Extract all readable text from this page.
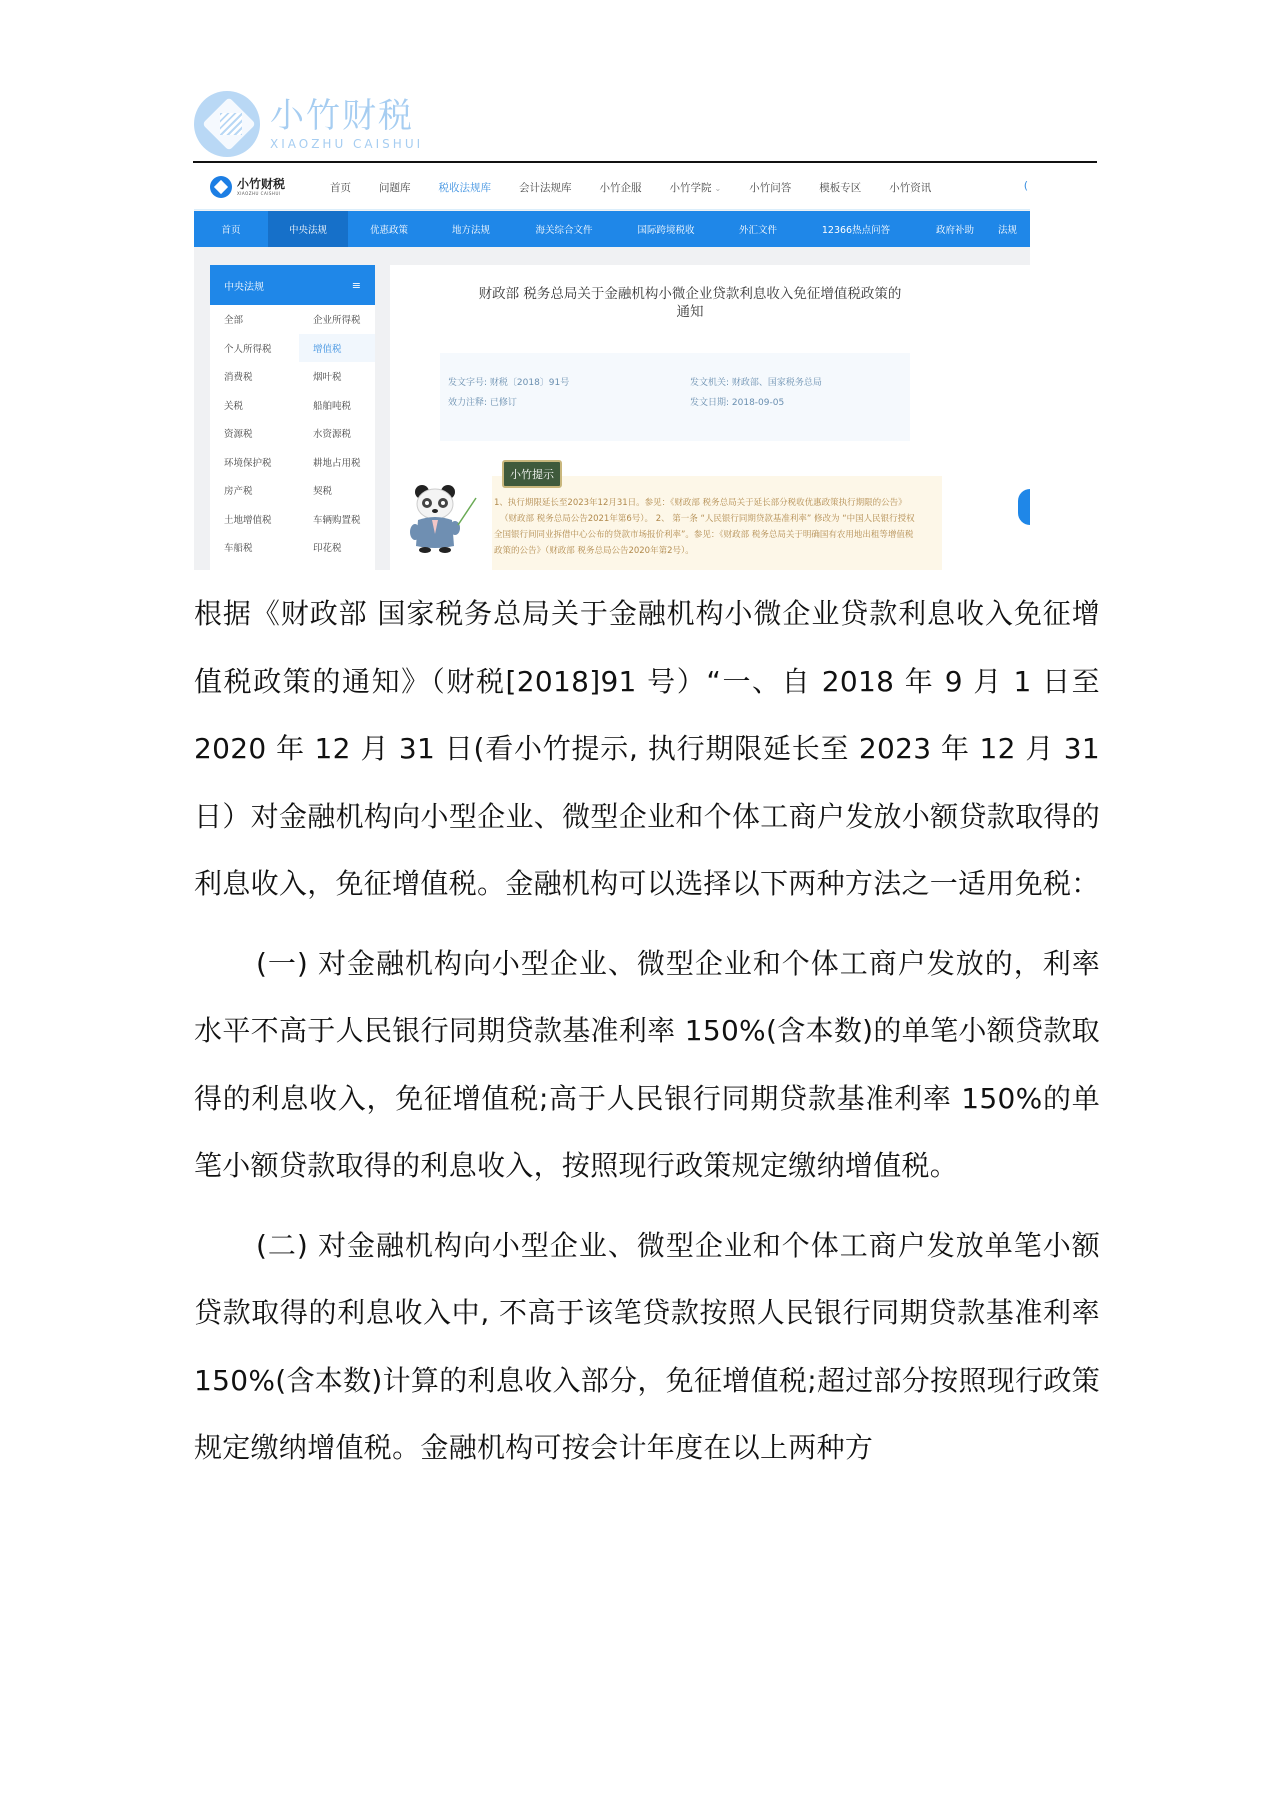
小竹财税
XIAOZHU CAISHUI
小竹财税
XIAOZHU CAISHUI	首页	问题库	税收法规库	会计法规库	小竹企服	小竹学院 ⌄	小竹问答	模板专区	小竹资讯	(
首页	中央法规	优惠政策	地方法规	海关综合文件	国际跨境税收	外汇文件	12366热点问答	政府补助	法规
中央法规	≡
全部	企业所得税
个人所得税	增值税
消费税	烟叶税
关税	船舶吨税
资源税	水资源税
环境保护税	耕地占用税
房产税	契税
土地增值税	车辆购置税
车船税	印花税
财政部 税务总局关于金融机构小微企业贷款利息收入免征增值税政策的
通知
发文字号: 财税〔2018〕91号
效力注释: 已修订
发文机关: 财政部、国家税务总局
发文日期: 2018-09-05
小竹提示
1、执行期限延长至2023年12月31日。参见：《财政部 税务总局关于延长部分税收优惠政策执行期限的公告》
（财政部 税务总局公告2021年第6号）。 2、 第一条 “人民银行同期贷款基准利率” 修改为 “中国人民银行授权
全国银行间同业拆借中心公布的贷款市场报价利率”。参见：《财政部 税务总局关于明确国有农用地出租等增值税
政策的公告》（财政部 税务总局公告2020年第2号）。

根据《财政部 国家税务总局关于金融机构小微企业贷款利息收入免征增值税政策的通知》（财税[2018]91 号）“一、自 2018 年 9 月 1 日至 2020 年 12 月 31 日(看小竹提示, 执行期限延长至 2023 年 12 月 31 日）对金融机构向小型企业、微型企业和个体工商户发放小额贷款取得的利息收入，免征增值税。金融机构可以选择以下两种方法之一适用免税：

(一) 对金融机构向小型企业、微型企业和个体工商户发放的，利率水平不高于人民银行同期贷款基准利率 150%(含本数)的单笔小额贷款取得的利息收入，免征增值税;高于人民银行同期贷款基准利率 150%的单笔小额贷款取得的利息收入，按照现行政策规定缴纳增值税。

(二) 对金融机构向小型企业、微型企业和个体工商户发放单笔小额贷款取得的利息收入中, 不高于该笔贷款按照人民银行同期贷款基准利率 150%(含本数)计算的利息收入部分，免征增值税;超过部分按照现行政策规定缴纳增值税。金融机构可按会计年度在以上两种方
